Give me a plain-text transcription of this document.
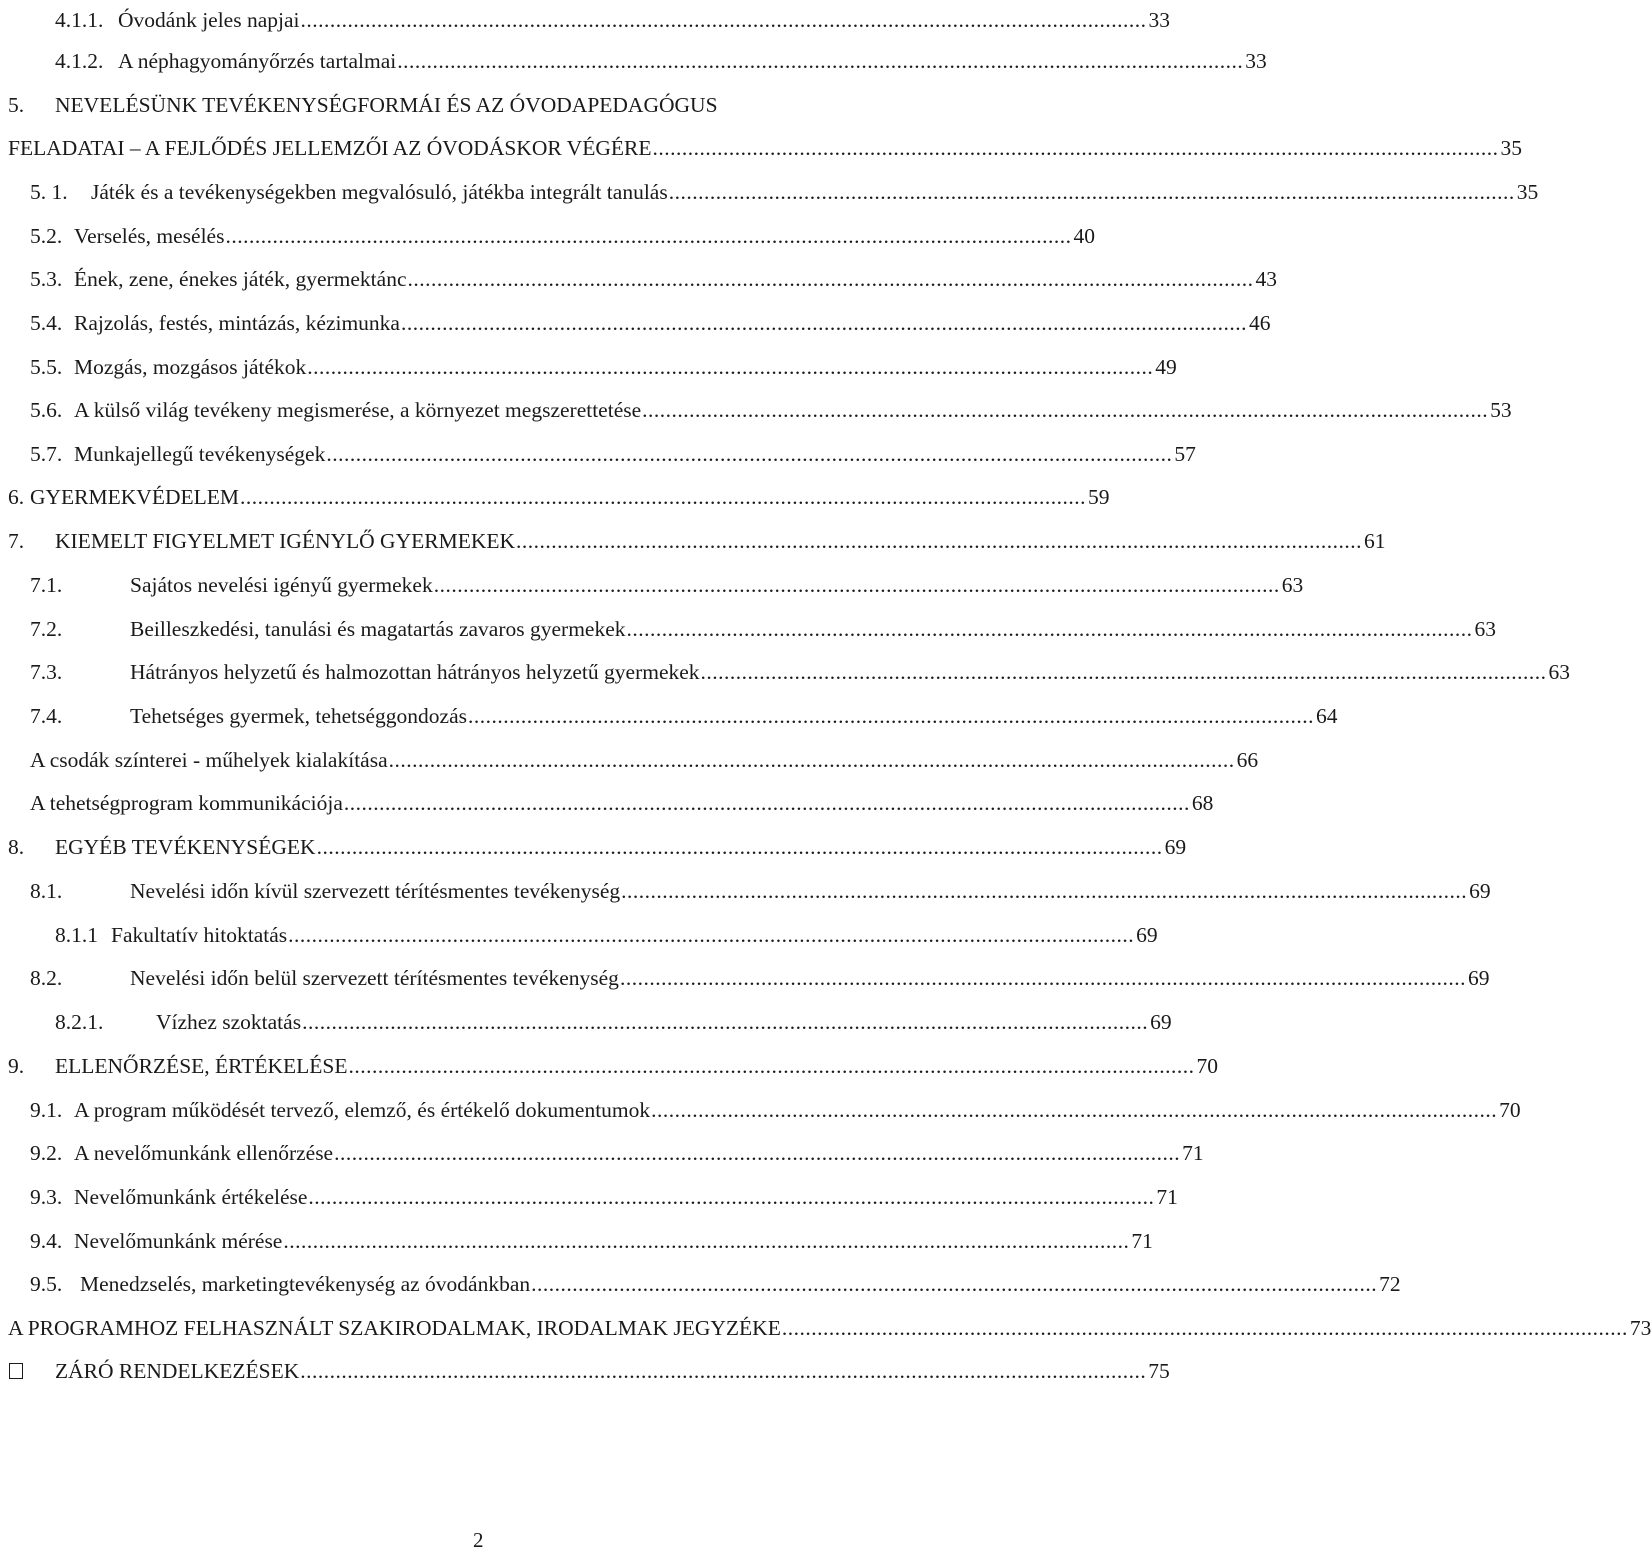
4.1.1. Óvodánk jeles napjai ................................................................................................................................................ 33
4.1.2. A néphagyományőrzés tartalmai ................................................................................................................................................ 33
5. NEVELÉSÜNK TEVÉKENYSÉGFORMÁI ÉS AZ ÓVODAPEDAGÓGUS
FELADATAI – A FEJLŐDÉS JELLEMZŐI AZ ÓVODÁSKOR VÉGÉRE ................................................................................................................................................ 35
5. 1. Játék és a tevékenységekben megvalósuló, játékba integrált tanulás ................................................................................................................................................ 35
5.2. Verselés, mesélés ................................................................................................................................................ 40
5.3. Ének, zene, énekes játék, gyermektánc ................................................................................................................................................ 43
5.4. Rajzolás, festés, mintázás, kézimunka ................................................................................................................................................ 46
5.5. Mozgás, mozgásos játékok ................................................................................................................................................ 49
5.6. A külső világ tevékeny megismerése, a környezet megszerettetése ................................................................................................................................................ 53
5.7. Munkajellegű tevékenységek ................................................................................................................................................ 57
6. GYERMEKVÉDELEM ................................................................................................................................................ 59
7. KIEMELT FIGYELMET IGÉNYLŐ GYERMEKEK ................................................................................................................................................ 61
7.1.	Sajátos nevelési igényű gyermekek ................................................................................................................................................ 63
7.2.	Beilleszkedési, tanulási és magatartás zavaros gyermekek ................................................................................................................................................ 63
7.3.	Hátrányos helyzetű és halmozottan hátrányos helyzetű gyermekek ................................................................................................................................................ 63
7.4.	Tehetséges gyermek, tehetséggondozás ................................................................................................................................................ 64
A csodák színterei - műhelyek kialakítása ................................................................................................................................................ 66
A tehetségprogram kommunikációja ................................................................................................................................................ 68
8. EGYÉB TEVÉKENYSÉGEK ................................................................................................................................................ 69
8.1.	Nevelési időn kívül szervezett térítésmentes tevékenység ................................................................................................................................................ 69
8.1.1 Fakultatív hitoktatás ................................................................................................................................................ 69
8.2.	Nevelési időn belül szervezett térítésmentes tevékenység ................................................................................................................................................ 69
8.2.1. Vízhez szoktatás ................................................................................................................................................ 69
9. ELLENŐRZÉSE, ÉRTÉKELÉSE ................................................................................................................................................ 70
9.1. A program működését tervező, elemző, és értékelő dokumentumok ................................................................................................................................................ 70
9.2. A nevelőmunkánk ellenőrzése ................................................................................................................................................ 71
9.3. Nevelőmunkánk értékelése ................................................................................................................................................ 71
9.4. Nevelőmunkánk mérése ................................................................................................................................................ 71
9.5. Menedzselés, marketingtevékenység az óvodánkban ................................................................................................................................................ 72
A PROGRAMHOZ FELHASZNÁLT SZAKIRODALMAK, IRODALMAK JEGYZÉKE ................................................................................................................................................ 73
ZÁRÓ RENDELKEZÉSEK ................................................................................................................................................ 75
2
